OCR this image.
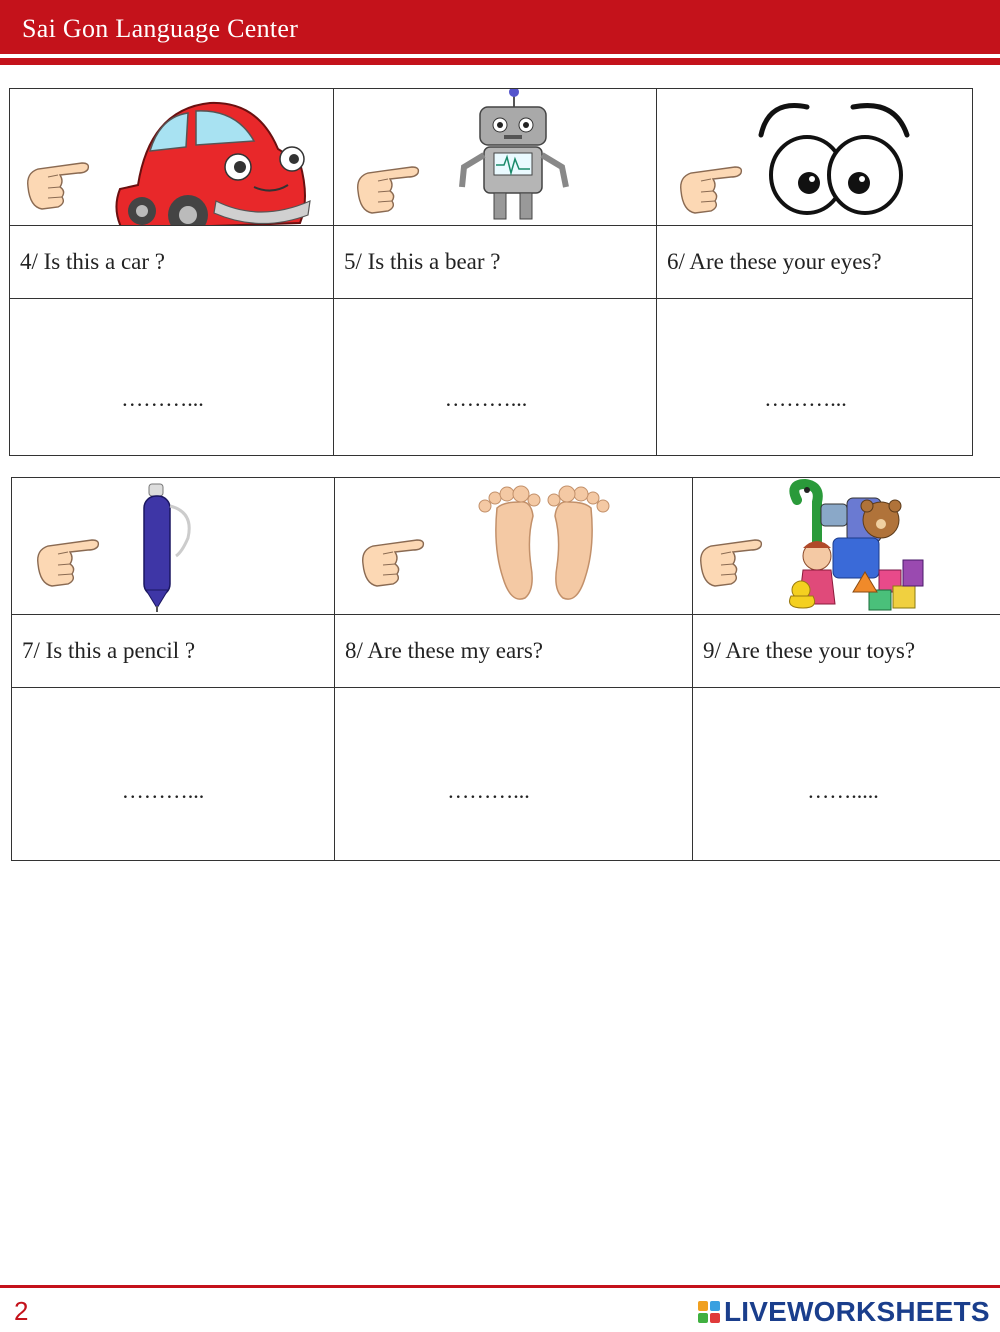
Sai Gon Language Center

4/ Is this a car ?	5/ Is this a bear ?	6/ Are these your eyes?
………...	………...	………...

7/ Is this a pencil ?	8/ Are these my ears?	9/ Are these your toys?
………...	………...	…….....
2	LIVEWORKSHEETS
